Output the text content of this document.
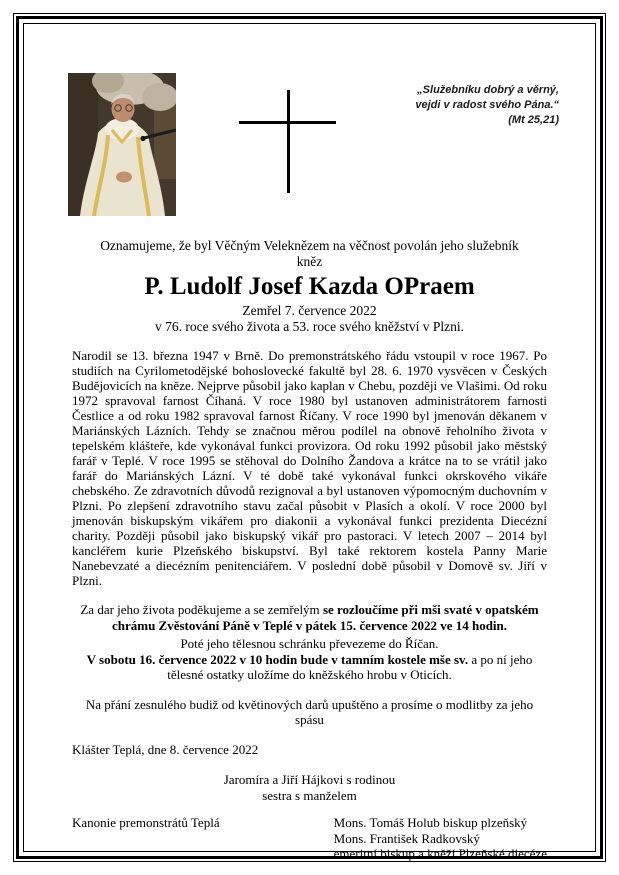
„Služebníku dobrý a věrný,
vejdi v radost svého Pána.“
(Mt 25,21)
Oznamujeme, že byl Věčným Veleknězem na věčnost povolán jeho služebník
kněz
P. Ludolf Josef Kazda OPraem
Zemřel 7. července 2022
v 76. roce svého života a 53. roce svého kněžství v Plzni.

Narodil se 13. března 1947 v Brně. Do premonstrátského řádu vstoupil v roce 1967. Po studiích na Cyrilometodějské bohoslovecké fakultě byl 28. 6. 1970 vysvěcen v Českých Budějovicích na kněze. Nejprve působil jako kaplan v Chebu, později ve Vlašimi. Od roku 1972 spravoval farnost Číhaná. V roce 1980 byl ustanoven administrátorem farnosti Čestlice a od roku 1982 spravoval farnost Říčany. V roce 1990 byl jmenován děkanem v Mariánských Lázních. Tehdy se značnou měrou podílel na obnově řeholního života v tepelském klášteře, kde vykonával funkci provizora. Od roku 1992 působil jako městský farář v Teplé. V roce 1995 se stěhoval do Dolního Žandova a krátce na to se vrátil jako farář do Mariánských Lázní. V té době také vykonával funkci okrskového vikáře chebského. Ze zdravotních důvodů rezignoval a byl ustanoven výpomocným duchovním v Plzni. Po zlepšení zdravotního stavu začal působit v Plasích a okolí. V roce 2000 byl jmenován biskupským vikářem pro diakonii a vykonával funkci prezidenta Diecézní charity. Později působil jako biskupský vikář pro pastoraci. V letech 2007 – 2014 byl kancléřem kurie Plzeňského biskupství. Byl také rektorem kostela Panny Marie Nanebevzaté a diecézním penitenciářem. V poslední době působil v Domově sv. Jiří v Plzni.

Za dar jeho života poděkujeme a se zemřelým se rozloučíme při mši svaté v opatském chrámu Zvěstování Páně v Teplé v pátek 15. července 2022 ve 14 hodin.

Poté jeho tělesnou schránku převezeme do Říčan.

V sobotu 16. července 2022 v 10 hodin bude v tamním kostele mše sv. a po ní jeho tělesné ostatky uložíme do kněžského hrobu v Oticích.

Na přání zesnulého budiž od květinových darů upuštěno a prosíme o modlitby za jeho spásu

Klášter Teplá, dne 8. července 2022

Jaromíra a Jiří Hájkovi s rodinou
sestra s manželem
Kanonie premonstrátů Teplá	Mons. Tomáš Holub biskup plzeňský
Mons. František Radkovský
emeritní biskup a kněží Plzeňské diecéze
